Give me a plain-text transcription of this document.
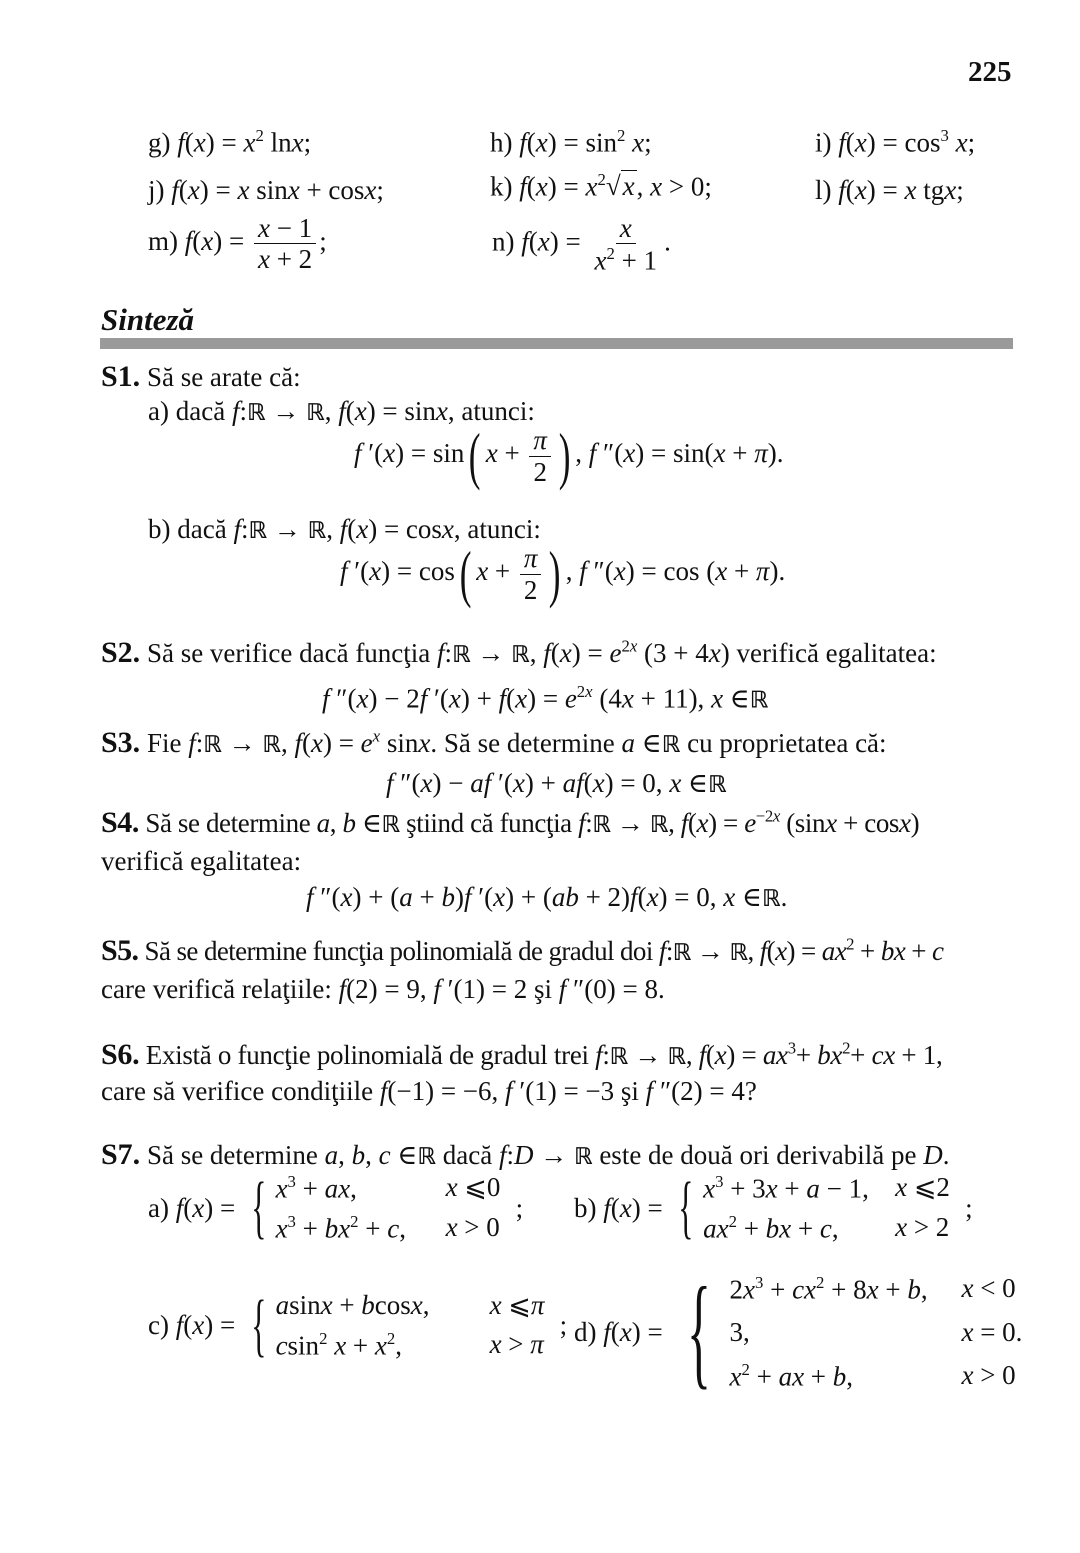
225
g) $f(x) = x^2$ lnx;	h) $f(x) = \sin^2 x$;	i) $f(x) = \cos^3 x$;
j) f(x) = x sinx + cosx;	k) $f(x) = x^2√x$, x > 0;	l) f(x) = x tgx;
m) $f(x) = \frac{x - 1}{x + 2}$ ;	n) $f(x) = \frac{x}{x^2 + 1}$ .
Sinteză
S1. Să se arate că:
a) dacă f:ℝ → ℝ, f(x) = sinx, atunci:
f ′(x) = sin( $x + \frac{\pi}{2}$ ) , f ″(x) = sin(x + π).
b) dacă f:ℝ → ℝ, f(x) = cosx, atunci:
f ′(x) = cos( $x + \frac{\pi}{2}$ ) , f ″(x) = cos (x + π).
S2. Să se verifice dacă funcţia f:ℝ → ℝ, $f(x) = e^{2x}$ (3 + 4x) verifică egalitatea:
f ″(x) − 2f $'(x) + f(x) = e^{2x}$ (4x + 11), x ∈ℝ
S3. Fie f:ℝ → ℝ, $f(x) = e^x$ sinx. Să se determine a ∈ℝ cu proprietatea că:
f ″(x) − af ′(x) + af(x) = 0, x ∈ℝ
S4. Să se determine a, b ∈ℝ ştiind că funcţia f:ℝ → ℝ, $f(x) = e^{-2x}$ (sinx + cosx)
verifică egalitatea:
f ″(x) + (a + b)f ′(x) + (ab + 2)f(x) = 0, x ∈ℝ.
S5. Să se determine funcţia polinomială de gradul doi f:ℝ → ℝ, $f(x) = ax^2$ + bx + c
care verifică relaţiile: f(2) = 9, f ′(1) = 2 şi f ″(0) = 8.
S6. Există o funcţie polinomială de gradul trei f:ℝ → ℝ, $f(x) = ax^3+ bx^2+$ cx + 1,
care să verifice condiţiile f(−1) = −6, f ′(1) = −3 şi f ″(2) = 4?
S7. Să se determine a, b, c ∈ℝ dacă f:D → ℝ este de două ori derivabilă pe D.
a)
f ( x ) = { $x^3$ + ax,	x ⩽0
$x^3 + bx^2 + c$,	x > 0
; b)
f ( x ) = { $x^3 + 3x + a - 1$, x ⩽2
$ax^2$ + bx + c,	x > 2
;
c)
f ( x ) = { asinx + bcosx,	x ⩽π
csin$^2$ $x + x^2$,	x > π
; d)
f ( x ) = { $2x^3 + cx^2 + 8x + b$,	x < 0
3,	x = 0.
$x^2$ + ax + b,	x > 0
